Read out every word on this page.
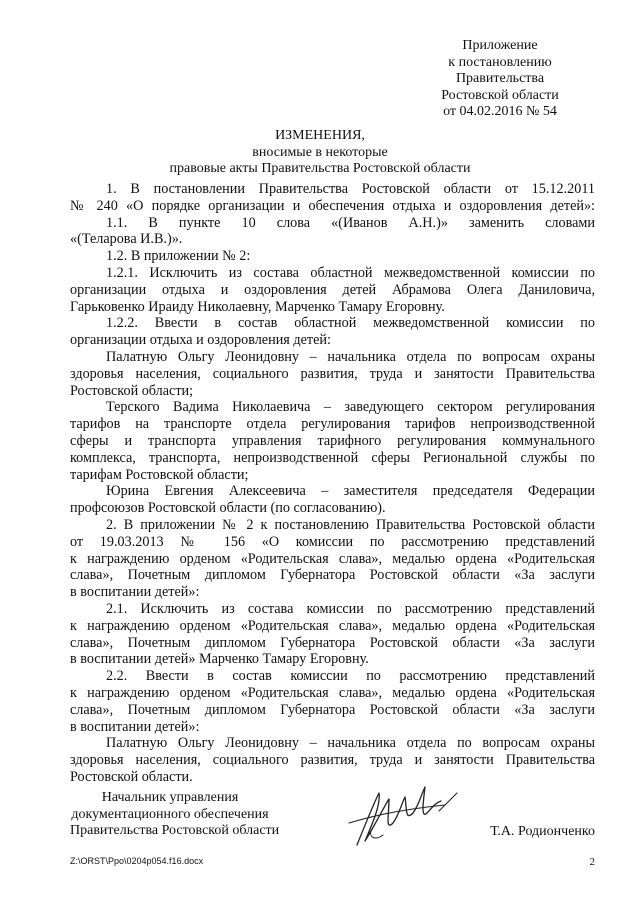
Приложение
к постановлению
Правительства
Ростовской области
от 04.02.2016 № 54
ИЗМЕНЕНИЯ,
вносимые в некоторые
правовые акты Правительства Ростовской области
1. В постановлении Правительства Ростовской области от 15.12.2011
№ 240 «О порядке организации и обеспечения отдыха и оздоровления детей»:
1.1. В пункте 10 слова «(Иванов А.Н.)» заменить словами
«(Теларова И.В.)».
1.2. В приложении № 2:
1.2.1. Исключить из состава областной межведомственной комиссии по
организации отдыха и оздоровления детей Абрамова Олега Даниловича,
Гарьковенко Ираиду Николаевну, Марченко Тамару Егоровну.
1.2.2. Ввести в состав областной межведомственной комиссии по
организации отдыха и оздоровления детей:
Палатную Ольгу Леонидовну – начальника отдела по вопросам охраны
здоровья населения, социального развития, труда и занятости Правительства
Ростовской области;
Терского Вадима Николаевича – заведующего сектором регулирования
тарифов на транспорте отдела регулирования тарифов непроизводственной
сферы и транспорта управления тарифного регулирования коммунального
комплекса, транспорта, непроизводственной сферы Региональной службы по
тарифам Ростовской области;
Юрина Евгения Алексеевича – заместителя председателя Федерации
профсоюзов Ростовской области (по согласованию).
2. В приложении № 2 к постановлению Правительства Ростовской области
от 19.03.2013 № 156 «О комиссии по рассмотрению представлений
к награждению орденом «Родительская слава», медалью ордена «Родительская
слава», Почетным дипломом Губернатора Ростовской области «За заслуги
в воспитании детей»:
2.1. Исключить из состава комиссии по рассмотрению представлений
к награждению орденом «Родительская слава», медалью ордена «Родительская
слава», Почетным дипломом Губернатора Ростовской области «За заслуги
в воспитании детей» Марченко Тамару Егоровну.
2.2. Ввести в состав комиссии по рассмотрению представлений
к награждению орденом «Родительская слава», медалью ордена «Родительская
слава», Почетным дипломом Губернатора Ростовской области «За заслуги
в воспитании детей»:
Палатную Ольгу Леонидовну – начальника отдела по вопросам охраны
здоровья населения, социального развития, труда и занятости Правительства
Ростовской области.
Начальник управления
документационного обеспечения
Правительства Ростовской области	Т.А. Родионченко
Z:\ORST\Ppo\0204p054.f16.docx	2
